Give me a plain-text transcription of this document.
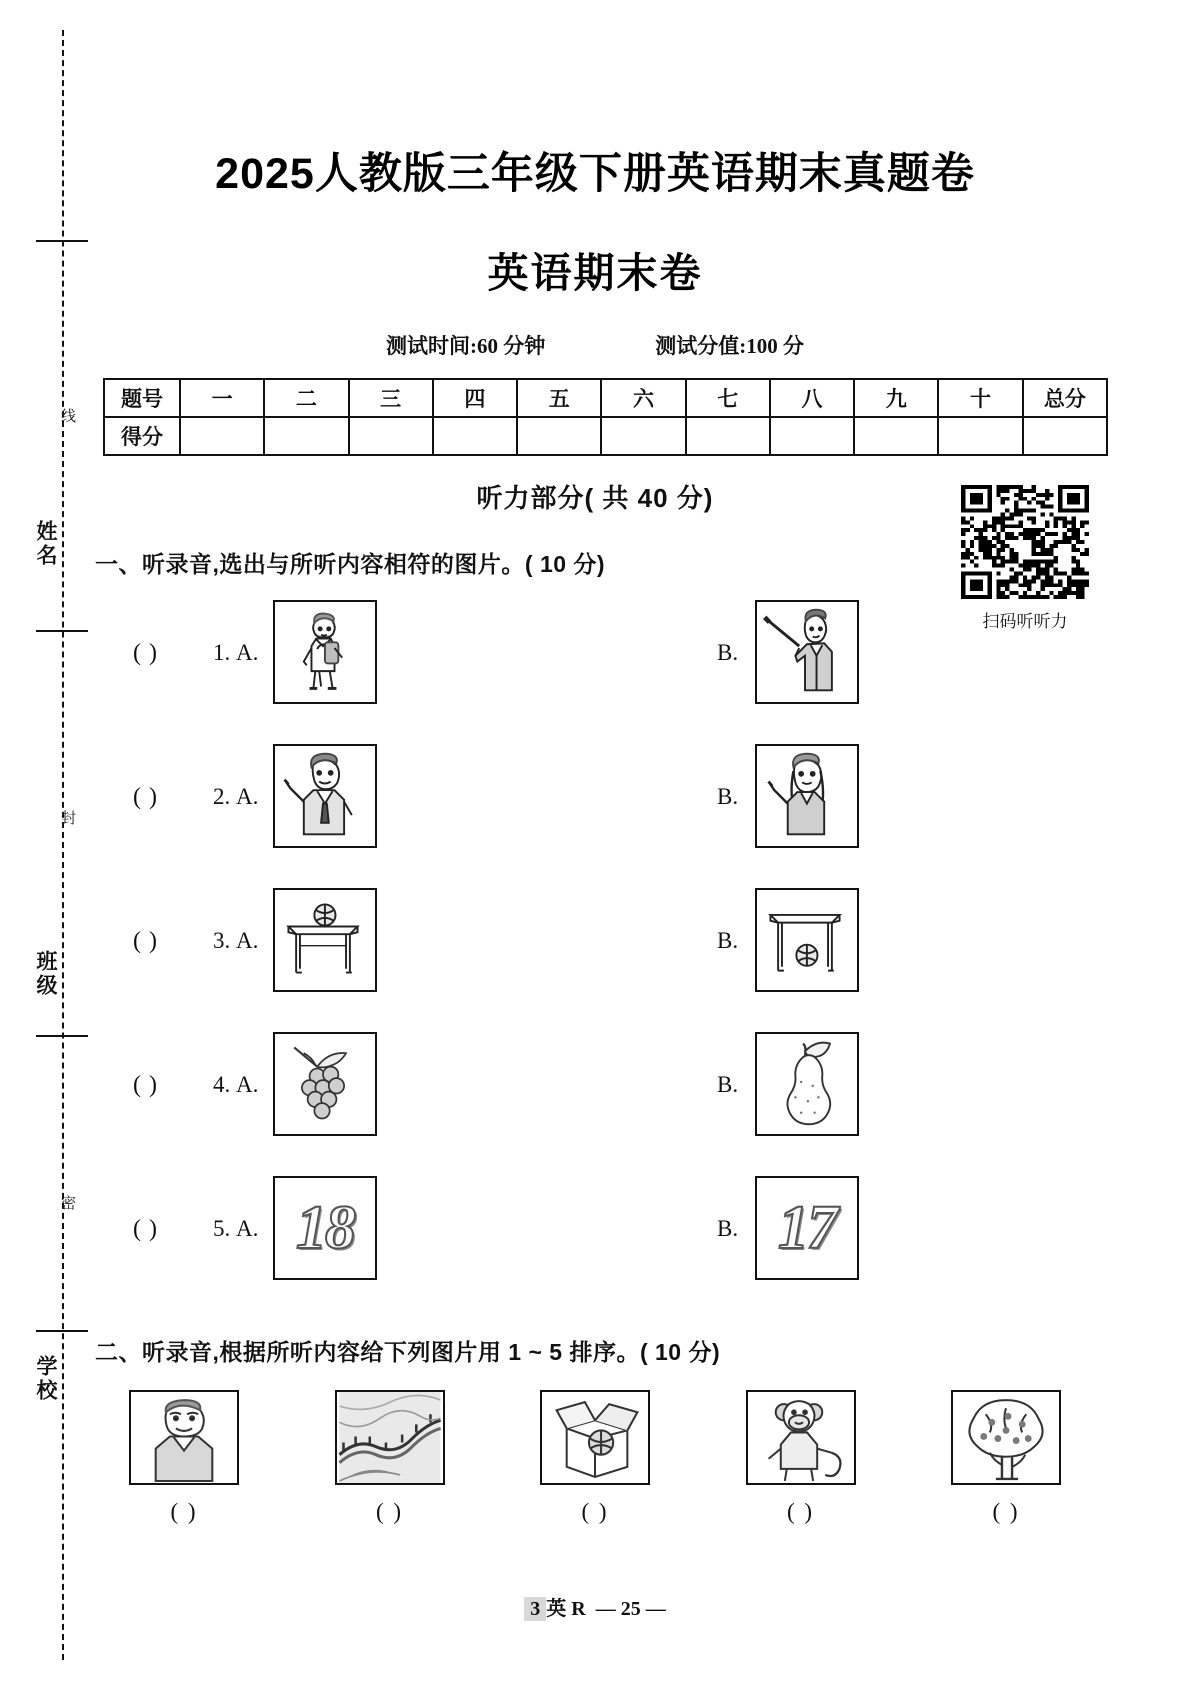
姓名
班级
学校
线
封
密
2025人教版三年级下册英语期末真题卷
英语期末卷
测试时间:60 分钟	测试分值:100 分
题号	一	二	三	四	五	六	七	八	九	十	总分
得分											
听力部分( 共 40 分)
扫码听听力
一、听录音,选出与所听内容相符的图片。( 10 分)
( ) 1. A.	B.
( ) 2. A.	B.
( ) 3. A.	B.
( ) 4. A.	B.
( ) 5. A. 18	B. 17
二、听录音,根据所听内容给下列图片用 1 ~ 5 排序。( 10 分)
( )	( )	( )	( )	( )
3 英 R — 25 —
